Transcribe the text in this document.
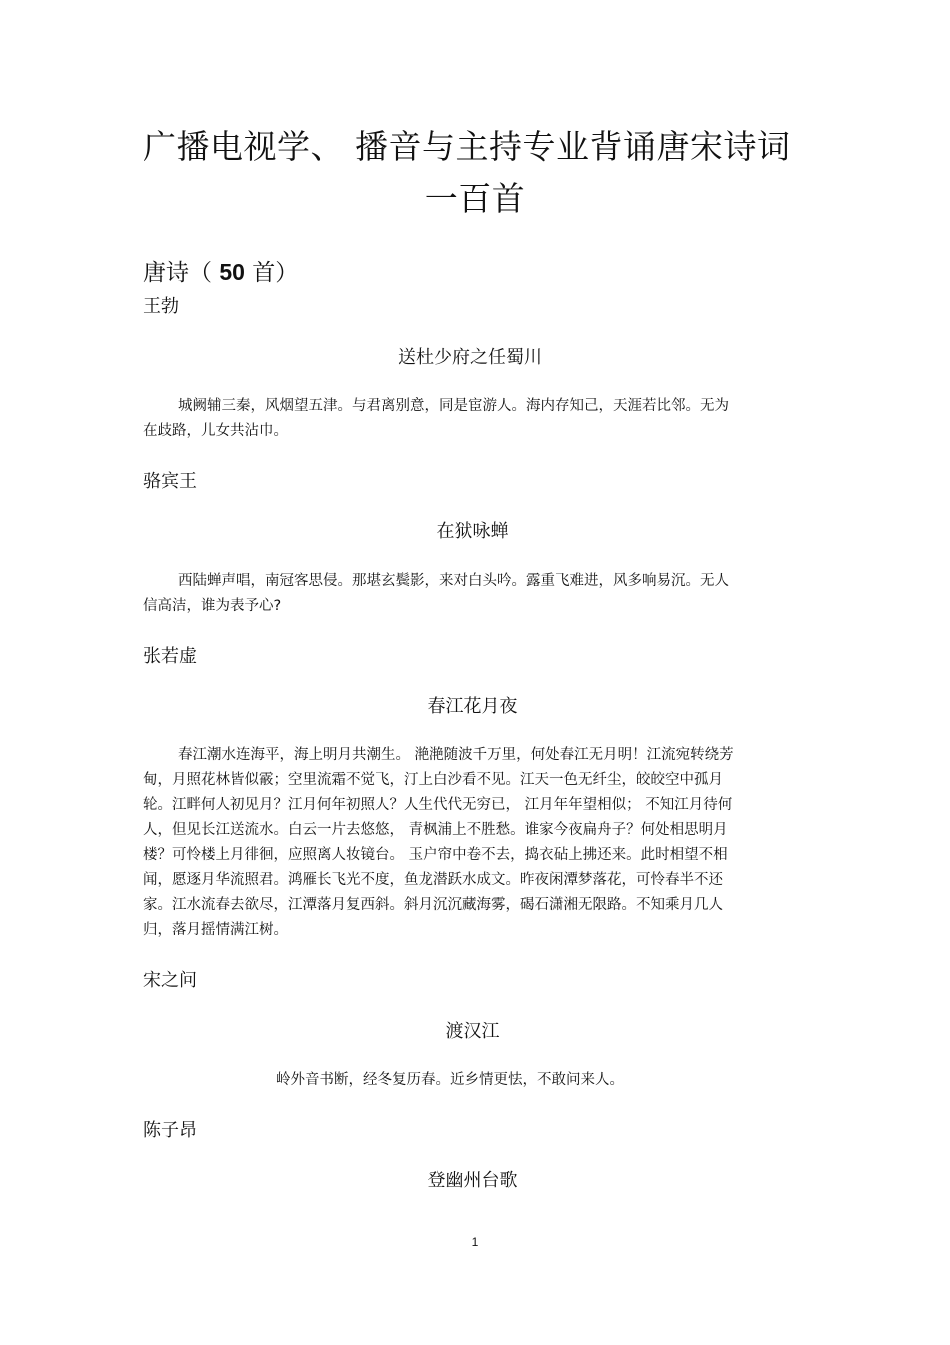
广播电视学、 播音与主持专业背诵唐宋诗词
一百首
唐诗（ 50 首）
王勃
送杜少府之任蜀川
城阙辅三秦，风烟望五津。与君离别意，同是宦游人。海内存知己，天涯若比邻。无为
在歧路，儿女共沾巾。
骆宾王
在狱咏蝉
西陆蝉声唱，南冠客思侵。那堪玄鬓影，来对白头吟。露重飞难进，风多响易沉。无人
信高洁，谁为表予心?
张若虚
春江花月夜
春江潮水连海平，海上明月共潮生。 滟滟随波千万里，何处春江无月明！江流宛转绕芳
甸，月照花林皆似霰；空里流霜不觉飞，汀上白沙看不见。江天一色无纤尘，皎皎空中孤月
轮。江畔何人初见月？江月何年初照人？人生代代无穷已， 江月年年望相似； 不知江月待何
人，但见长江送流水。白云一片去悠悠， 青枫浦上不胜愁。谁家今夜扁舟子？何处相思明月
楼？可怜楼上月徘徊，应照离人妆镜台。 玉户帘中卷不去，捣衣砧上拂还来。此时相望不相
闻，愿逐月华流照君。鸿雁长飞光不度，鱼龙潜跃水成文。昨夜闲潭梦落花，可怜春半不还
家。江水流春去欲尽，江潭落月复西斜。斜月沉沉藏海雾，碣石潇湘无限路。不知乘月几人
归，落月摇情满江树。
宋之问
渡汉江
岭外音书断，经冬复历春。近乡情更怯，不敢问来人。
陈子昂
登幽州台歌
1
